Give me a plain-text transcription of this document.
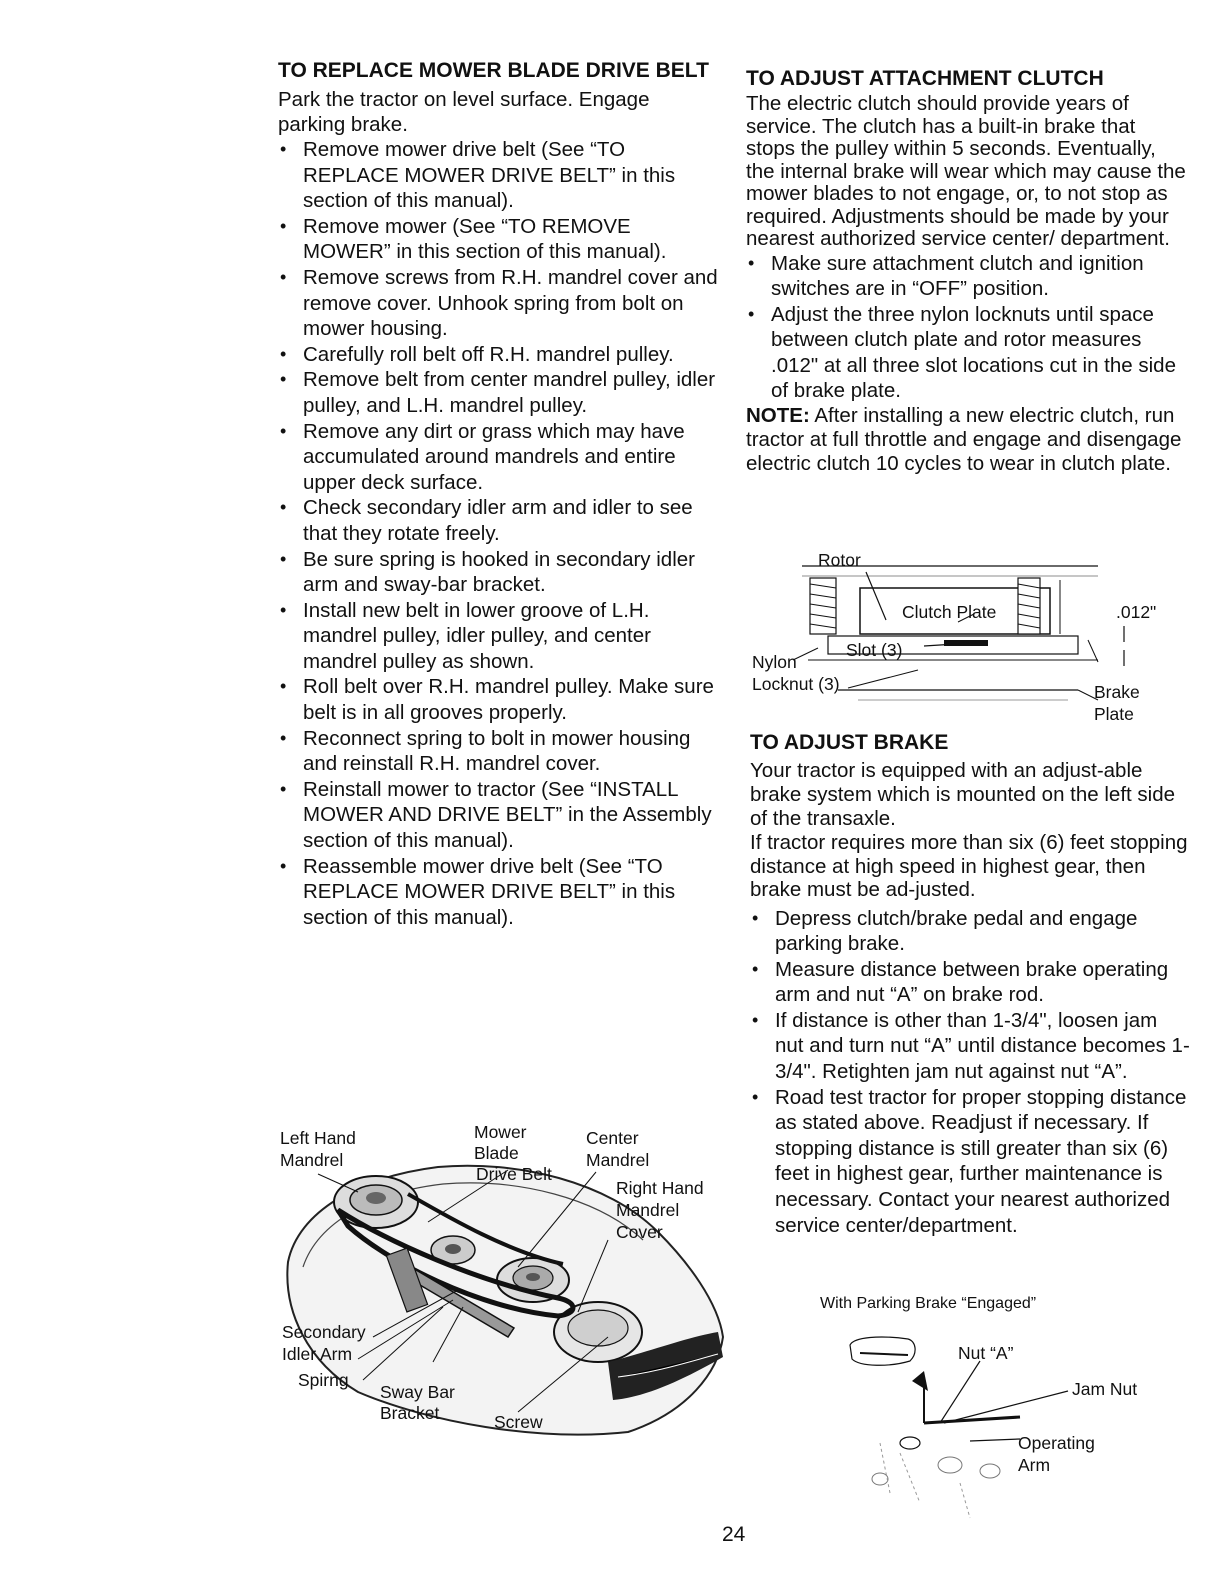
TO REPLACE MOWER BLADE DRIVE BELT

Park the tractor on level surface. Engage parking brake.

• Remove mower drive belt (See “TO REPLACE MOWER DRIVE BELT” in this section of this manual).
• Remove mower (See “TO REMOVE MOWER” in this section of this manual).
• Remove screws from R.H. mandrel cover and remove cover. Unhook spring from bolt on mower housing.
• Carefully roll belt off R.H. mandrel pulley.
• Remove belt from center mandrel pulley, idler pulley, and L.H. mandrel pulley.
• Remove any dirt or grass which may have accumulated around mandrels and entire upper deck surface.
• Check secondary idler arm and idler to see that they rotate freely.
• Be sure spring is hooked in secondary idler arm and sway-bar bracket.
• Install new belt in lower groove of L.H. mandrel pulley, idler pulley, and center mandrel pulley as shown.
• Roll belt over R.H. mandrel pulley. Make sure belt is in all grooves properly.
• Reconnect spring to bolt in mower housing and reinstall R.H. mandrel cover.
• Reinstall mower to tractor (See “INSTALL MOWER AND DRIVE BELT” in the Assembly section of this manual).
• Reassemble mower drive belt (See “TO REPLACE MOWER DRIVE BELT” in this section of this manual).
Left Hand
Mandrel
Mower
Blade
Drive Belt
Center
Mandrel
Right Hand
Mandrel
Cover
Secondary
Idler Arm
Spirng
Sway Bar
Bracket	Screw
TO ADJUST ATTACHMENT CLUTCH

The electric clutch should provide years of service. The clutch has a built-in brake that stops the pulley within 5 seconds. Eventually, the internal brake will wear which may cause the mower blades to not engage, or, to not stop as required. Adjustments should be made by your nearest authorized service center/ department.

• Make sure attachment clutch and ignition switches are in “OFF” position.
• Adjust the three nylon locknuts until space between clutch plate and rotor measures .012" at all three slot locations cut in the side of brake plate.

NOTE: After installing a new electric clutch, run tractor at full throttle and engage and disengage electric clutch 10 cycles to wear in clutch plate.

Rotor
Clutch Plate	.012"
Nylon
Locknut (3)
Slot (3)
Brake
Plate
TO ADJUST BRAKE

Your tractor is equipped with an adjust-able brake system which is mounted on the left side of the transaxle.

If tractor requires more than six (6) feet stopping distance at high speed in highest gear, then brake must be ad-justed.

• Depress clutch/brake pedal and engage parking brake.
• Measure distance between brake operating arm and nut “A” on brake rod.
• If distance is other than 1-3/4", loosen jam nut and turn nut “A” until distance becomes 1-3/4". Retighten jam nut against nut “A”.
• Road test tractor for proper stopping distance as stated above. Readjust if necessary. If stopping distance is still greater than six (6) feet in highest gear, further maintenance is necessary. Contact your nearest authorized service center/department.
With Parking Brake “Engaged”
Nut “A”
Jam Nut
Operating
Arm
24
